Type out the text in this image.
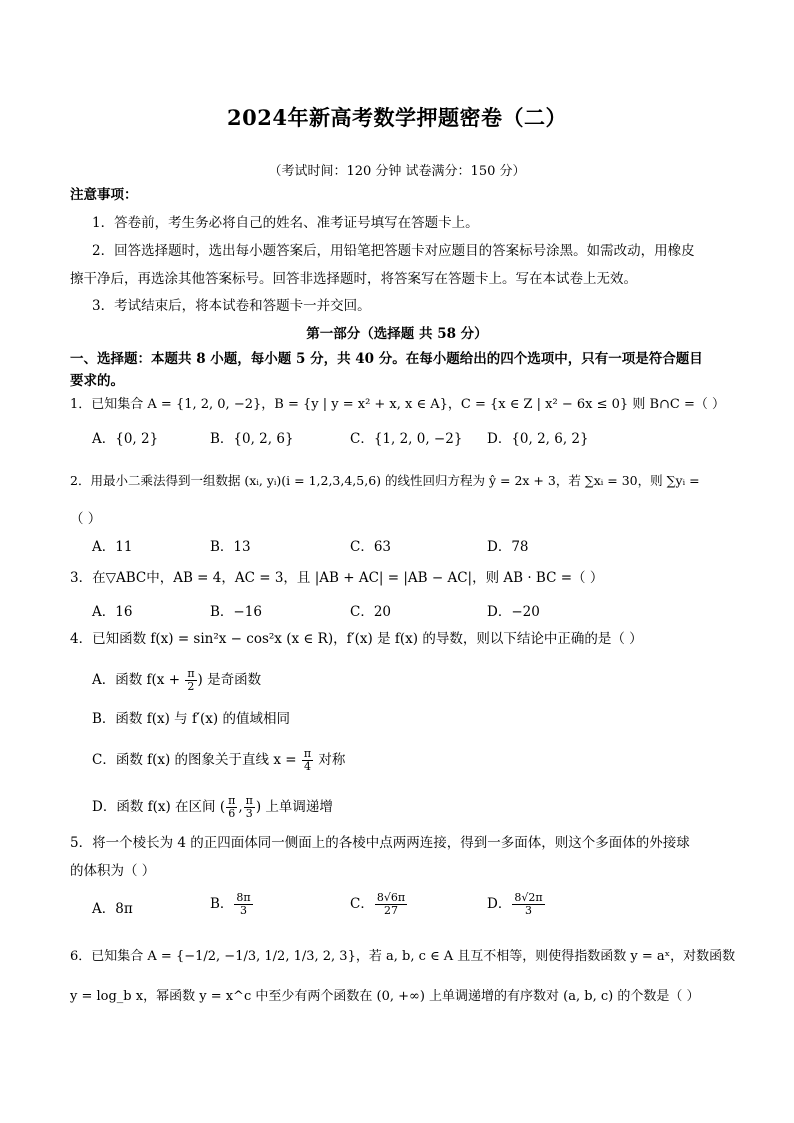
2024年新高考数学押题密卷（二）
（考试时间：120 分钟 试卷满分：150 分）
注意事项：
1．答卷前，考生务必将自己的姓名、准考证号填写在答题卡上。
2．回答选择题时，选出每小题答案后，用铅笔把答题卡对应题目的答案标号涂黑。如需改动，用橡皮
擦干净后，再选涂其他答案标号。回答非选择题时，将答案写在答题卡上。写在本试卷上无效。
3．考试结束后，将本试卷和答题卡一并交回。
第一部分（选择题 共 58 分）
一、选择题：本题共 8 小题，每小题 5 分，共 40 分。在每小题给出的四个选项中，只有一项是符合题目
要求的。
1．已知集合 A = {1, 2, 0, −2}，B = {y | y = x² + x, x ∈ A}，C = {x ∈ Z | x² − 6x ≤ 0} 则 B∩C =（ ）
A．{0, 2}	B．{0, 2, 6}	C．{1, 2, 0, −2} D．{0, 2, 6, 2}
2．用最小二乘法得到一组数据 (xᵢ, yᵢ)(i = 1,2,3,4,5,6) 的线性回归方程为 ŷ = 2x + 3，若 ∑xᵢ = 30，则 ∑yᵢ =
（ ）
A．11	B．13	C．63	D．78
3．在▽ABC中，AB = 4，AC = 3，且 |AB + AC| = |AB − AC|，则 AB · BC =（ ）
A．16	B．−16	C．20	D．−20
4．已知函数 f(x) = sin²x − cos²x (x ∈ R)，f′(x) 是 f(x) 的导数，则以下结论中正确的是（ ）
A．函数 $f(x + \frac{\pi}{2}$ ) 是奇函数
B．函数 f(x) 与 f′(x) 的值域相同
C．函数 f(x) 的图象关于直线 $x = \frac{\pi}{4}$ 对称
D．函数 f(x) 在区间 ( $\frac{\pi}{6}$ , $\frac{\pi}{3}$ ) 上单调递增
5．将一个棱长为 4 的正四面体同一侧面上的各棱中点两两连接，得到一多面体，则这个多面体的外接球
的体积为（ ）
A．8π	B． $\frac{8\pi}{3}$	C． $\frac{8√6\pi}{27}$	D． $\frac{8√2\pi}{3}$
6．已知集合 A = {−1/2, −1/3, 1/2, 1/3, 2, 3}，若 a, b, c ∈ A 且互不相等，则使得指数函数 y = aˣ，对数函数
y = log_b x，幂函数 y = x^c 中至少有两个函数在 (0, +∞) 上单调递增的有序数对 (a, b, c) 的个数是（ ）
